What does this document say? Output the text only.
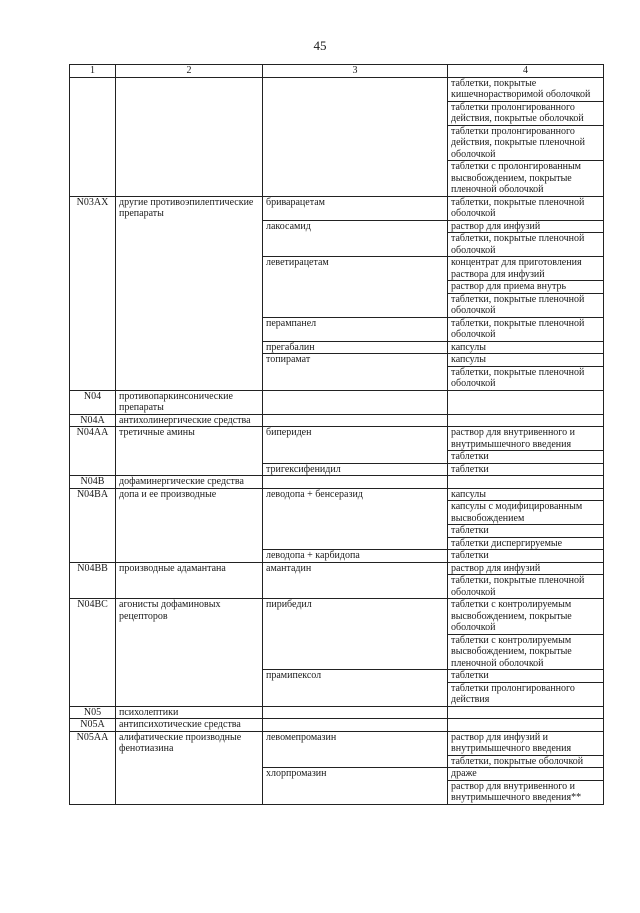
45
1	2	3	4
			таблетки, покрытые кишечнорастворимой оболочкой
			таблетки пролонгированного действия, покрытые оболочкой
			таблетки пролонгированного действия, покрытые пленочной оболочкой
			таблетки с пролонгированным высвобождением, покрытые пленочной оболочкой
N03AX	другие противоэпилептические препараты	бриварацетам	таблетки, покрытые пленочной оболочкой
		лакосамид	раствор для инфузий
			таблетки, покрытые пленочной оболочкой
		леветирацетам	концентрат для приготовления раствора для инфузий
			раствор для приема внутрь
			таблетки, покрытые пленочной оболочкой
		перампанел	таблетки, покрытые пленочной оболочкой
		прегабалин	капсулы
		топирамат	капсулы
			таблетки, покрытые пленочной оболочкой
N04	противопаркинсонические препараты		
N04A	антихолинергические средства		
N04AA	третичные амины	бипериден	раствор для внутривенного и внутримышечного введения
			таблетки
		тригексифенидил	таблетки
N04B	дофаминергические средства		
N04BA	допа и ее производные	леводопа + бенсеразид	капсулы
			капсулы с модифицированным высвобождением
			таблетки
			таблетки диспергируемые
		леводопа + карбидопа	таблетки
N04BB	производные адамантана	амантадин	раствор для инфузий
			таблетки, покрытые пленочной оболочкой
N04BC	агонисты дофаминовых рецепторов	пирибедил	таблетки с контролируемым высвобождением, покрытые оболочкой
			таблетки с контролируемым высвобождением, покрытые пленочной оболочкой
		прамипексол	таблетки
			таблетки пролонгированного действия
N05	психолептики		
N05A	антипсихотические средства		
N05AA	алифатические производные фенотиазина	левомепромазин	раствор для инфузий и внутримышечного введения
			таблетки, покрытые оболочкой
		хлорпромазин	драже
			раствор для внутривенного и внутримышечного введения**
